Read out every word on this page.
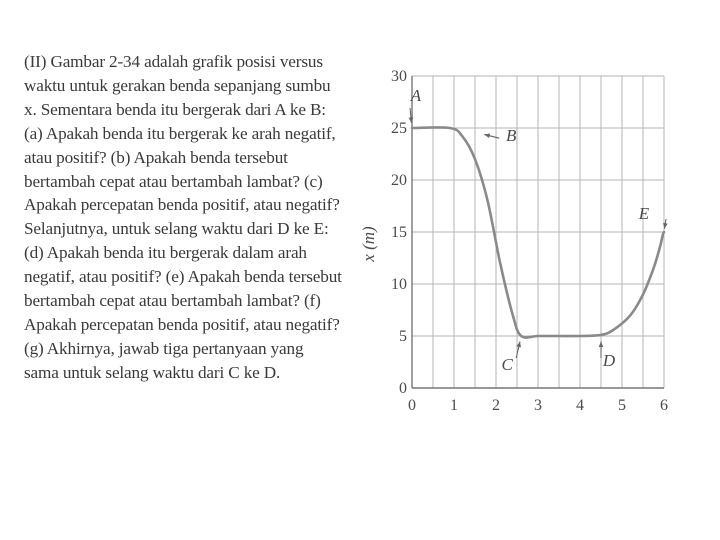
(II) Gambar 2-34 adalah grafik posisi versus
waktu untuk gerakan benda sepanjang sumbu
x. Sementara benda itu bergerak dari A ke B:
(a) Apakah benda itu bergerak ke arah negatif,
atau positif? (b) Apakah benda tersebut
bertambah cepat atau bertambah lambat? (c)
Apakah percepatan benda positif, atau negatif?
Selanjutnya, untuk selang waktu dari D ke E:
(d) Apakah benda itu bergerak dalam arah
negatif, atau positif? (e) Apakah benda tersebut
bertambah cepat atau bertambah lambat? (f)
Apakah percepatan benda positif, atau negatif?
(g) Akhirnya, jawab tiga pertanyaan yang
sama untuk selang waktu dari C ke D.

0 1 2 3 4 5 6
0
5
10
15
20
25
30
x (m)
A
B
C	D
E
